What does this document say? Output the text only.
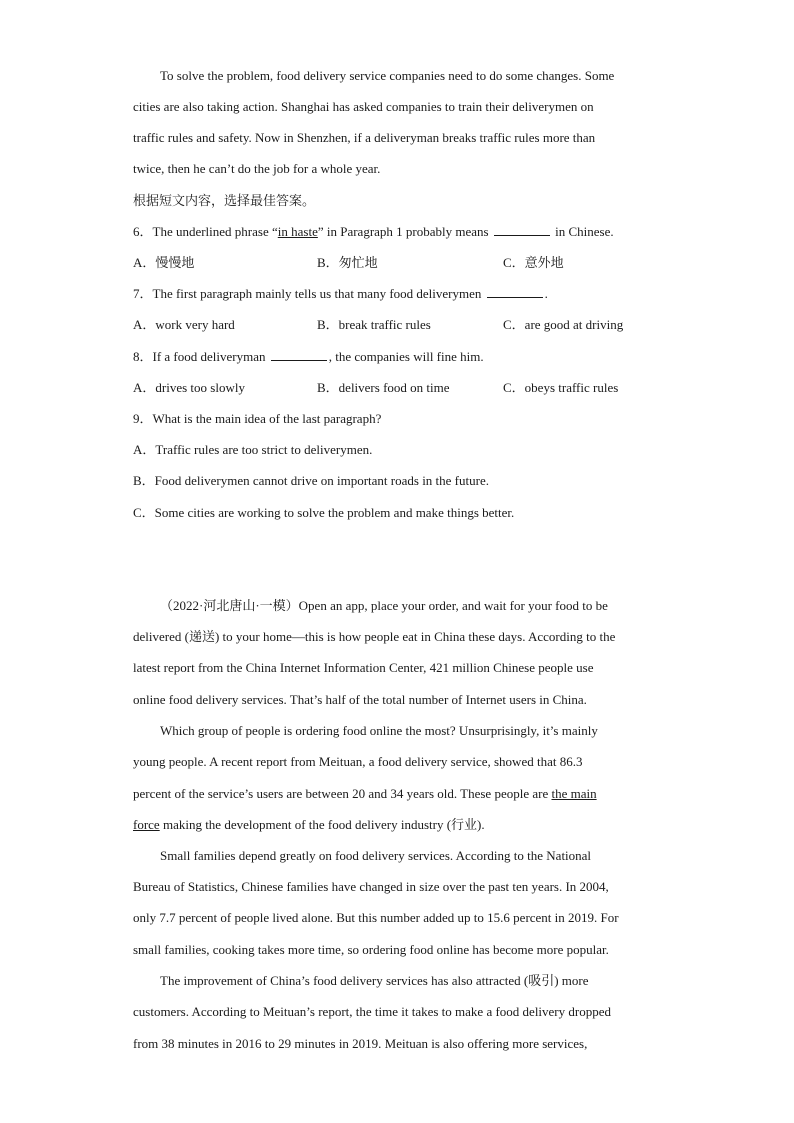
To solve the problem, food delivery service companies need to do some changes. Some
cities are also taking action. Shanghai has asked companies to train their deliverymen on
traffic rules and safety. Now in Shenzhen, if a deliveryman breaks traffic rules more than
twice, then he can’t do the job for a whole year.
根据短文内容，选择最佳答案。
6．The underlined phrase “in haste” in Paragraph 1 probably means	in Chinese.
A．慢慢地	B．匆忙地	C．意外地
7．The first paragraph mainly tells us that many food deliverymen	.
A．work very hard	B．break traffic rules	C．are good at driving
8．If a food deliveryman	, the companies will fine him.
A．drives too slowly	B．delivers food on time	C．obeys traffic rules
9．What is the main idea of the last paragraph?
A．Traffic rules are too strict to deliverymen.
B．Food deliverymen cannot drive on important roads in the future.
C．Some cities are working to solve the problem and make things better.
（2022·河北唐山·一模）Open an app, place your order, and wait for your food to be
delivered (递送) to your home—this is how people eat in China these days. According to the
latest report from the China Internet Information Center, 421 million Chinese people use
online food delivery services. That’s half of the total number of Internet users in China.
Which group of people is ordering food online the most? Unsurprisingly, it’s mainly
young people. A recent report from Meituan, a food delivery service, showed that 86.3
percent of the service’s users are between 20 and 34 years old. These people are the main
force making the development of the food delivery industry (行业).
Small families depend greatly on food delivery services. According to the National
Bureau of Statistics, Chinese families have changed in size over the past ten years. In 2004,
only 7.7 percent of people lived alone. But this number added up to 15.6 percent in 2019. For
small families, cooking takes more time, so ordering food online has become more popular.
The improvement of China’s food delivery services has also attracted (吸引) more
customers. According to Meituan’s report, the time it takes to make a food delivery dropped
from 38 minutes in 2016 to 29 minutes in 2019. Meituan is also offering more services,
